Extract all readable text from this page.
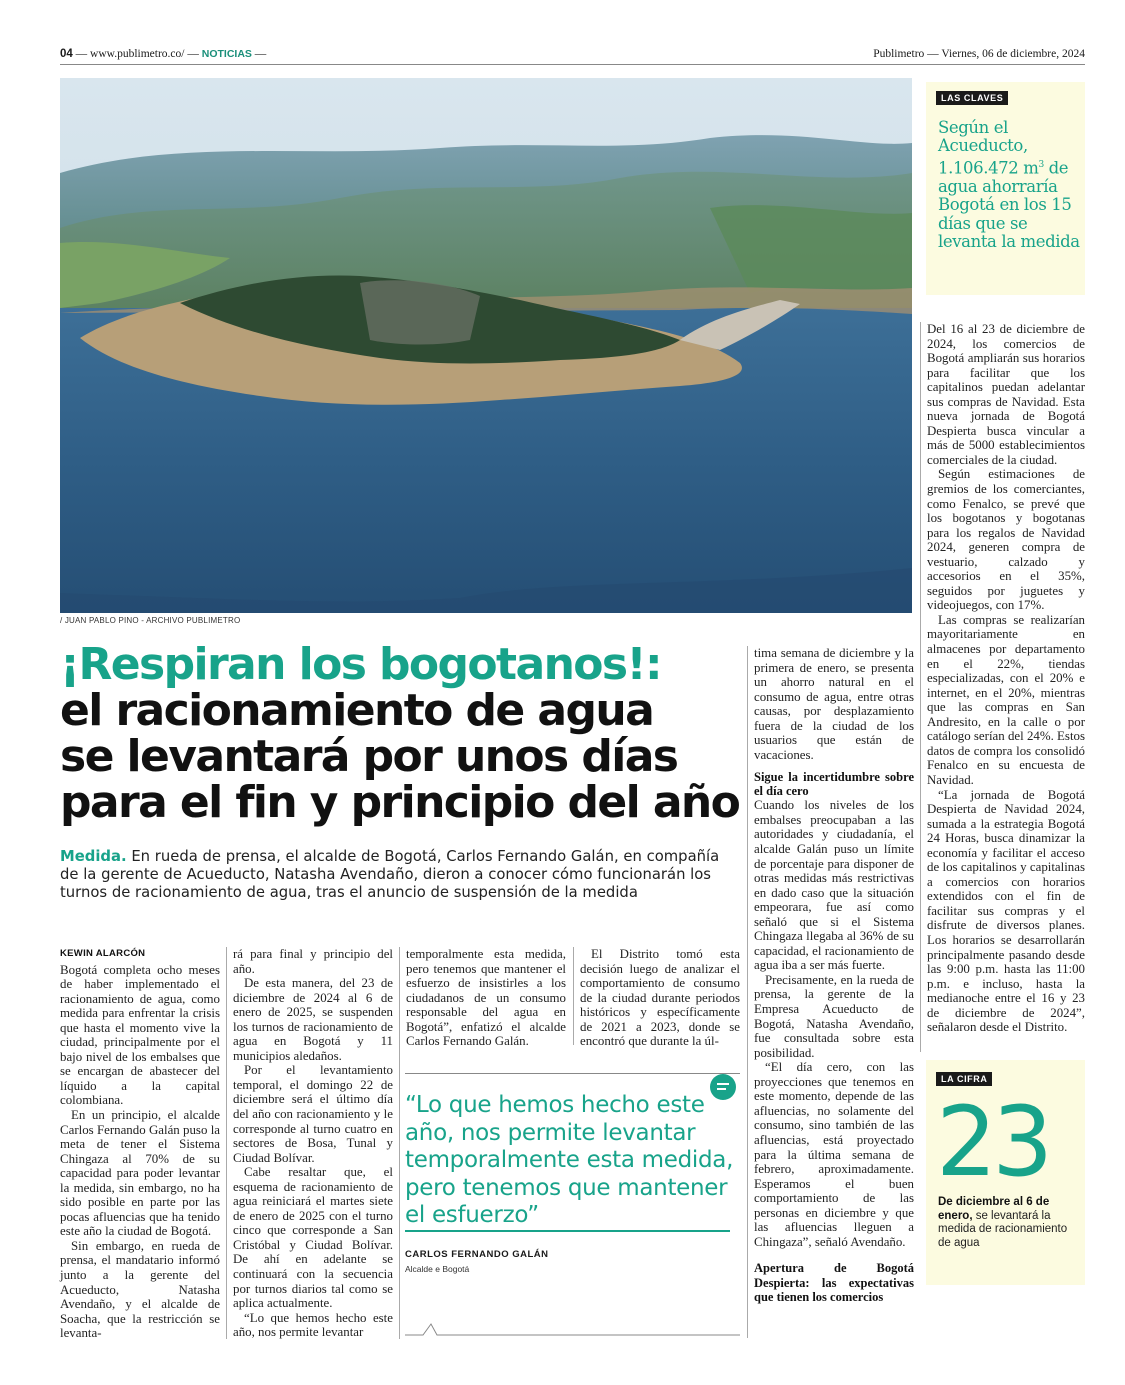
04 — www.publimetro.co/ — NOTICIAS —	Publimetro — Viernes, 06 de diciembre, 2024
/ JUAN PABLO PINO - ARCHIVO PUBLIMETRO
¡Respiran los bogotanos!:
el racionamiento de agua
se levantará por unos días
para el fin y principio del año
Medida. En rueda de prensa, el alcalde de Bogotá, Carlos Fernando Galán, en compañía de la gerente de Acueducto, Natasha Avendaño, dieron a conocer cómo funcionarán los turnos de racionamiento de agua, tras el anuncio de suspensión de la medida
KEWIN ALARCÓN

Bogotá completa ocho meses de haber implementado el racionamiento de agua, como medida para enfrentar la crisis que hasta el momento vive la ciudad, principalmente por el bajo nivel de los embalses que se encargan de abastecer del líquido a la capital colombiana.

En un principio, el alcalde Carlos Fernando Galán puso la meta de tener el Sistema Chingaza al 70% de su capacidad para poder levantar la medida, sin embargo, no ha sido posible en parte por las pocas afluencias que ha tenido este año la ciudad de Bogotá.

Sin embargo, en rueda de prensa, el mandatario informó junto a la gerente del Acueducto, Natasha Avendaño, y el alcalde de Soacha, que la restricción se levanta-

rá para final y principio del año.

De esta manera, del 23 de diciembre de 2024 al 6 de enero de 2025, se suspenden los turnos de racionamiento de agua en Bogotá y 11 municipios aledaños.

Por el levantamiento temporal, el domingo 22 de diciembre será el último día del año con racionamiento y le corresponde al turno cuatro en sectores de Bosa, Tunal y Ciudad Bolívar.

Cabe resaltar que, el esquema de racionamiento de agua reiniciará el martes siete de enero de 2025 con el turno cinco que corresponde a San Cristóbal y Ciudad Bolívar. De ahí en adelante se continuará con la secuencia por turnos diarios tal como se aplica actualmente.

“Lo que hemos hecho este año, nos permite levantar

temporalmente esta medida, pero tenemos que mantener el esfuerzo de insistirles a los ciudadanos de un consumo responsable del agua en Bogotá”, enfatizó el alcalde Carlos Fernando Galán.

El Distrito tomó esta decisión luego de analizar el comportamiento de consumo de la ciudad durante periodos históricos y específicamente de 2021 a 2023, donde se encontró que durante la úl-

“Lo que hemos hecho este año, nos permite levantar temporalmente esta medida, pero tenemos que mantener el esfuerzo”
CARLOS FERNANDO GALÁN
Alcalde e Bogotá

tima semana de diciembre y la primera de enero, se presenta un ahorro natural en el consumo de agua, entre otras causas, por desplazamiento fuera de la ciudad de los usuarios que están de vacaciones.

Sigue la incertidumbre sobre el día cero

Cuando los niveles de los embalses preocupaban a las autoridades y ciudadanía, el alcalde Galán puso un límite de porcentaje para disponer de otras medidas más restrictivas en dado caso que la situación empeorara, fue así como señaló que si el Sistema Chingaza llegaba al 36% de su capacidad, el racionamiento de agua iba a ser más fuerte.

Precisamente, en la rueda de prensa, la gerente de la Empresa Acueducto de Bogotá, Natasha Avendaño, fue consultada sobre esta posibilidad.

“El día cero, con las proyecciones que tenemos en este momento, depende de las afluencias, no solamente del consumo, sino también de las afluencias, está proyectado para la última semana de febrero, aproximadamente. Esperamos el buen comportamiento de las personas en diciembre y que las afluencias lleguen a Chingaza”, señaló Avendaño.

Apertura de Bogotá Despierta: las expectativas que tienen los comercios

Del 16 al 23 de diciembre de 2024, los comercios de Bogotá ampliarán sus horarios para facilitar que los capitalinos puedan adelantar sus compras de Navidad. Esta nueva jornada de Bogotá Despierta busca vincular a más de 5000 establecimientos comerciales de la ciudad.

Según estimaciones de gremios de los comerciantes, como Fenalco, se prevé que los bogotanos y bogotanas para los regalos de Navidad 2024, generen compra de vestuario, calzado y accesorios en el 35%, seguidos por juguetes y videojuegos, con 17%.

Las compras se realizarían mayoritariamente en almacenes por departamento en el 22%, tiendas especializadas, con el 20% e internet, en el 20%, mientras que las compras en San Andresito, en la calle o por catálogo serían del 24%. Estos datos de compra los consolidó Fenalco en su encuesta de Navidad.

“La jornada de Bogotá Despierta de Navidad 2024, sumada a la estrategia Bogotá 24 Horas, busca dinamizar la economía y facilitar el acceso de los capitalinos y capitalinas a comercios con horarios extendidos con el fin de facilitar sus compras y el disfrute de diversos planes. Los horarios se desarrollarán principalmente pasando desde las 9:00 p.m. hasta las 11:00 p.m. e incluso, hasta la medianoche entre el 16 y 23 de diciembre de 2024”, señalaron desde el Distrito.

LAS CLAVES
Según el Acueducto, 1.106.472 $m^3$ de agua ahorraría Bogotá en los 15 días que se levanta la medida
LA CIFRA
23
De diciembre al 6 de enero, se levantará la medida de racionamiento de agua
